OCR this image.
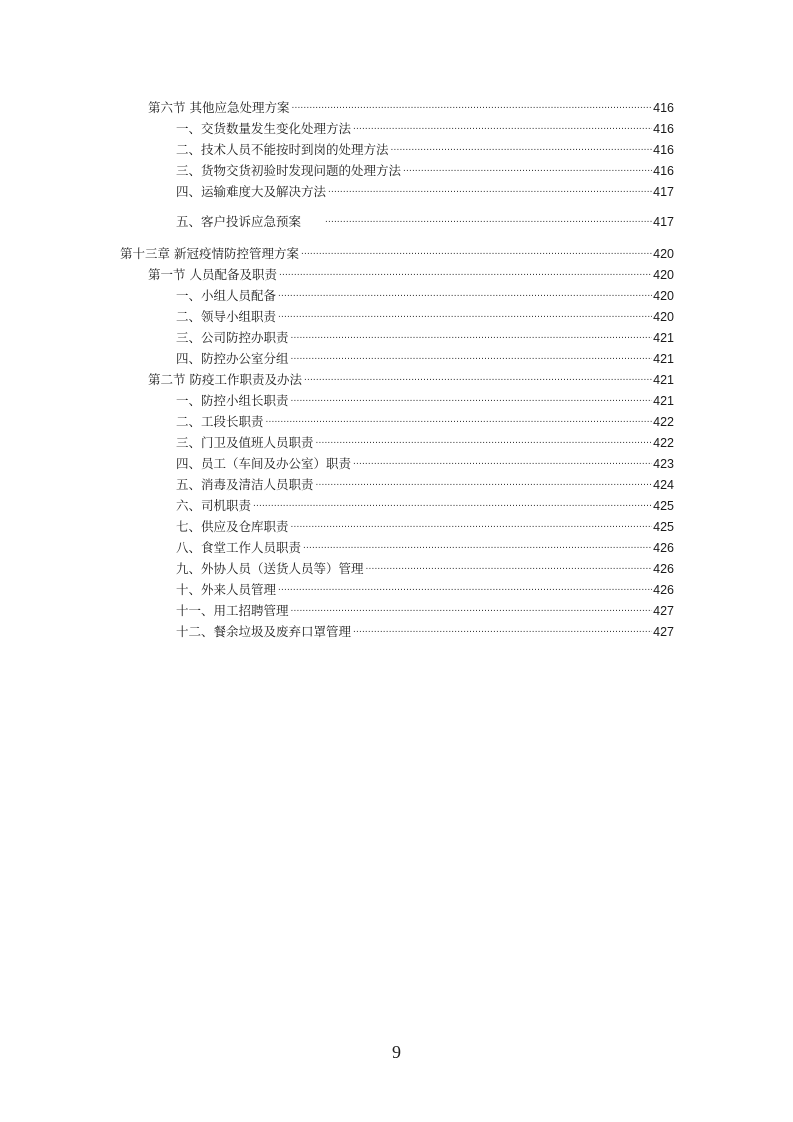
第六节 其他应急处理方案 .....	416
一、交货数量发生变化处理方法 .....	416
二、技术人员不能按时到岗的处理方法 .....	416
三、货物交货初验时发现问题的处理方法 .....	416
四、运输难度大及解决方法 .....	417
五、客户投诉应急预案 .....	417
第十三章 新冠疫情防控管理方案 .....	420
第一节 人员配备及职责 .....	420
一、小组人员配备 .....	420
二、领导小组职责 .....	420
三、公司防控办职责 .....	421
四、防控办公室分组 .....	421
第二节 防疫工作职责及办法 .....	421
一、防控小组长职责 .....	421
二、工段长职责 .....	422
三、门卫及值班人员职责 .....	422
四、员工（车间及办公室）职责 .....	423
五、消毒及清洁人员职责 .....	424
六、司机职责 .....	425
七、供应及仓库职责 .....	425
八、食堂工作人员职责 .....	426
九、外协人员（送货人员等）管理 .....	426
十、外来人员管理 .....	426
十一、用工招聘管理 .....	427
十二、餐余垃圾及废弃口罩管理 .....	427
9
